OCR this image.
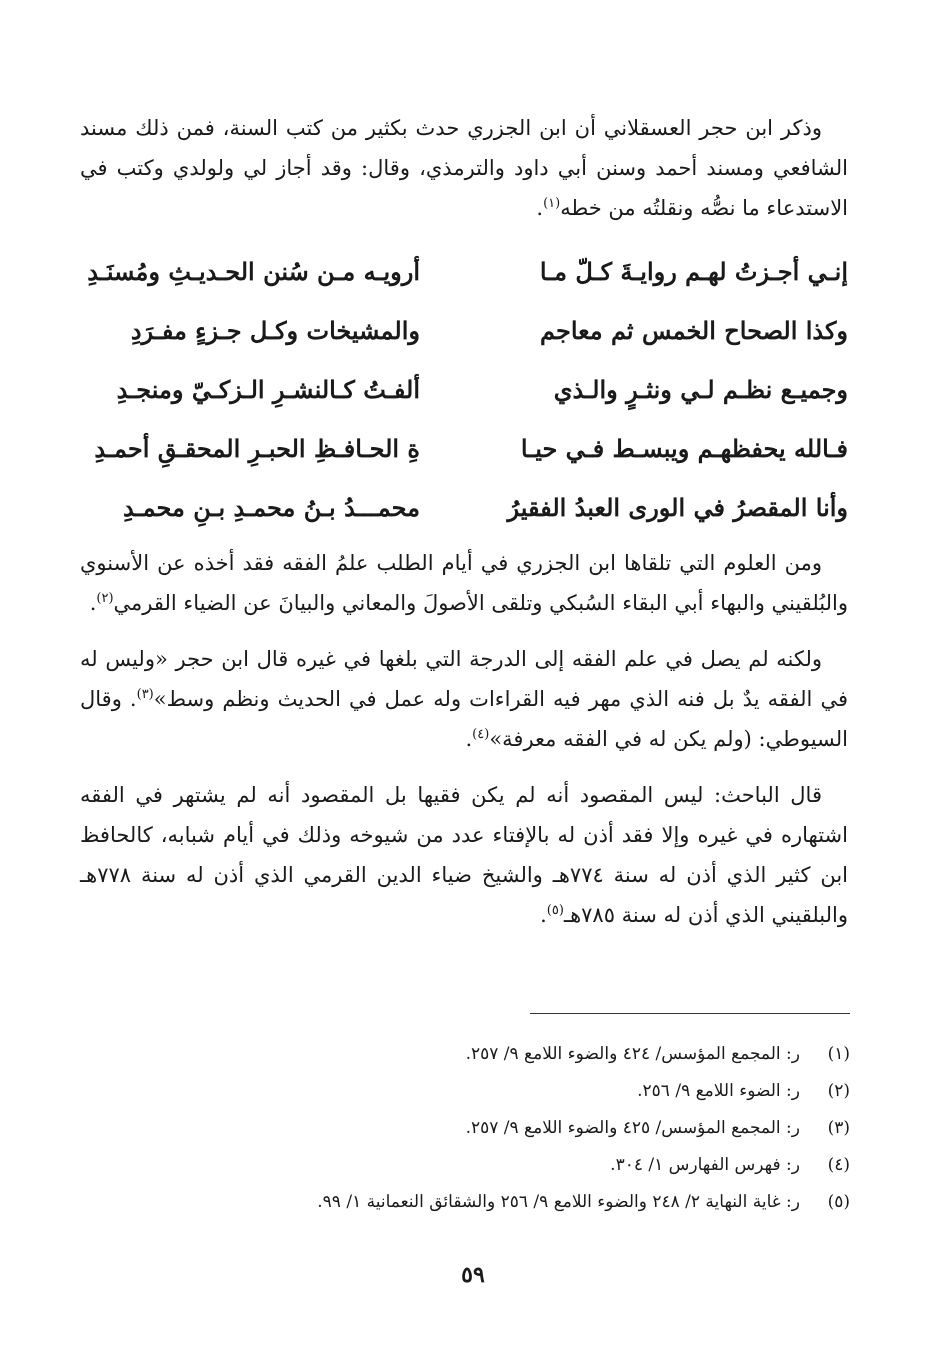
وذكر ابن حجر العسقلاني أن ابن الجزري حدث بكثير من كتب السنة، فمن ذلك مسند الشافعي ومسند أحمد وسنن أبي داود والترمذي، وقال: وقد أجاز لي ولولدي وكتب في الاستدعاء ما نصُّه ونقلتُه من خطه$^{(١)}$.

إنـي أجـزتُ لهـم روايـةَ كـلّ مـا
أرويـه مـن سُنن الحـديـثِ ومُسنَـدِ
وكذا الصحاح الخمس ثم معاجم
والمشيخات وكـل جـزءٍ مفـرَدِ
وجميـع نظـم لـي ونثـرٍ والـذي
ألفـتُ كـالنشـرِ الـزكـيّ ومنجـدِ
فـالله يحفظهـم ويبسـط فـي حيـا
ةِ الحـافـظِ الحبـرِ المحقـقِ أحمـدِ
وأنا المقصرُ في الورى العبدُ الفقيرُ
محمـــدُ بـنُ محمـدِ بـنِ محمـدِ

ومن العلوم التي تلقاها ابن الجزري في أيام الطلب علمُ الفقه فقد أخذه عن الأسنوي والبُلقيني والبهاء أبي البقاء السُبكي وتلقى الأصولَ والمعاني والبيانَ عن الضياء القرمي$^{(٢)}$.

ولكنه لم يصل في علم الفقه إلى الدرجة التي بلغها في غيره قال ابن حجر «وليس له في الفقه يدٌ بل فنه الذي مهر فيه القراءات وله عمل في الحديث ونظم وسط»$^{(٣)}$. وقال السيوطي: (ولم يكن له في الفقه معرفة»$^{(٤)}$.

قال الباحث: ليس المقصود أنه لم يكن فقيها بل المقصود أنه لم يشتهر في الفقه اشتهاره في غيره وإلا فقد أذن له بالإفتاء عدد من شيوخه وذلك في أيام شبابه، كالحافظ ابن كثير الذي أذن له سنة ٧٧٤هـ والشيخ ضياء الدين القرمي الذي أذن له سنة ٧٧٨هـ والبلقيني الذي أذن له سنة ٧٨٥هـ$^{(٥)}$.

(١)
ر: المجمع المؤسس/ ٤٢٤ والضوء اللامع ٩/ ٢٥٧.
(٢)
ر: الضوء اللامع ٩/ ٢٥٦.
(٣)
ر: المجمع المؤسس/ ٤٢٥ والضوء اللامع ٩/ ٢٥٧.
(٤)
ر: فهرس الفهارس ١/ ٣٠٤.
(٥)
ر: غاية النهاية ٢/ ٢٤٨ والضوء اللامع ٩/ ٢٥٦ والشقائق النعمانية ١/ ٩٩.
٥٩
